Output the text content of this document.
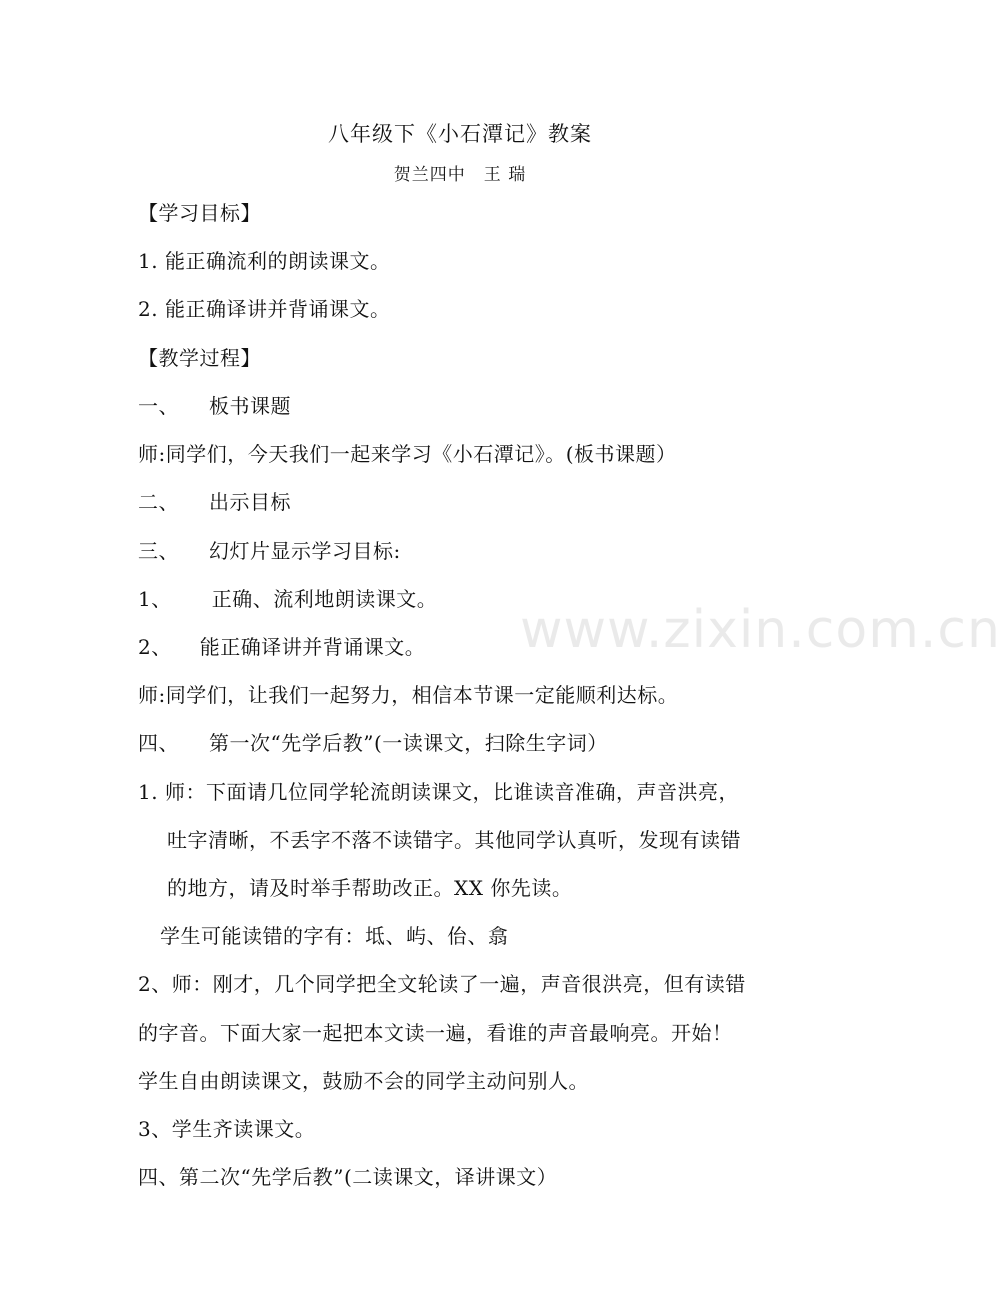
八年级下《小石潭记》教案
贺兰四中　王 瑞
【学习目标】
1. 能正确流利的朗读课文。
2. 能正确译讲并背诵课文。
【教学过程】
一、 板书课题
师:同学们，今天我们一起来学习《小石潭记》。(板书课题）
二、 出示目标
三、 幻灯片显示学习目标:
1、 正确、流利地朗读课文。
2、 能正确译讲并背诵课文。
师:同学们，让我们一起努力，相信本节课一定能顺利达标。
四、 第一次“先学后教”(一读课文，扫除生字词）
1. 师：下面请几位同学轮流朗读课文，比谁读音准确，声音洪亮，
吐字清晰，不丢字不落不读错字。其他同学认真听，发现有读错
的地方，请及时举手帮助改正。XX 你先读。
学生可能读错的字有：坻、屿、佁、翕
2、师：刚才，几个同学把全文轮读了一遍，声音很洪亮，但有读错
的字音。下面大家一起把本文读一遍，看谁的声音最响亮。开始！
学生自由朗读课文，鼓励不会的同学主动问别人。
3、学生齐读课文。
四、第二次“先学后教”(二读课文，译讲课文）
www.zixin.com.cn
